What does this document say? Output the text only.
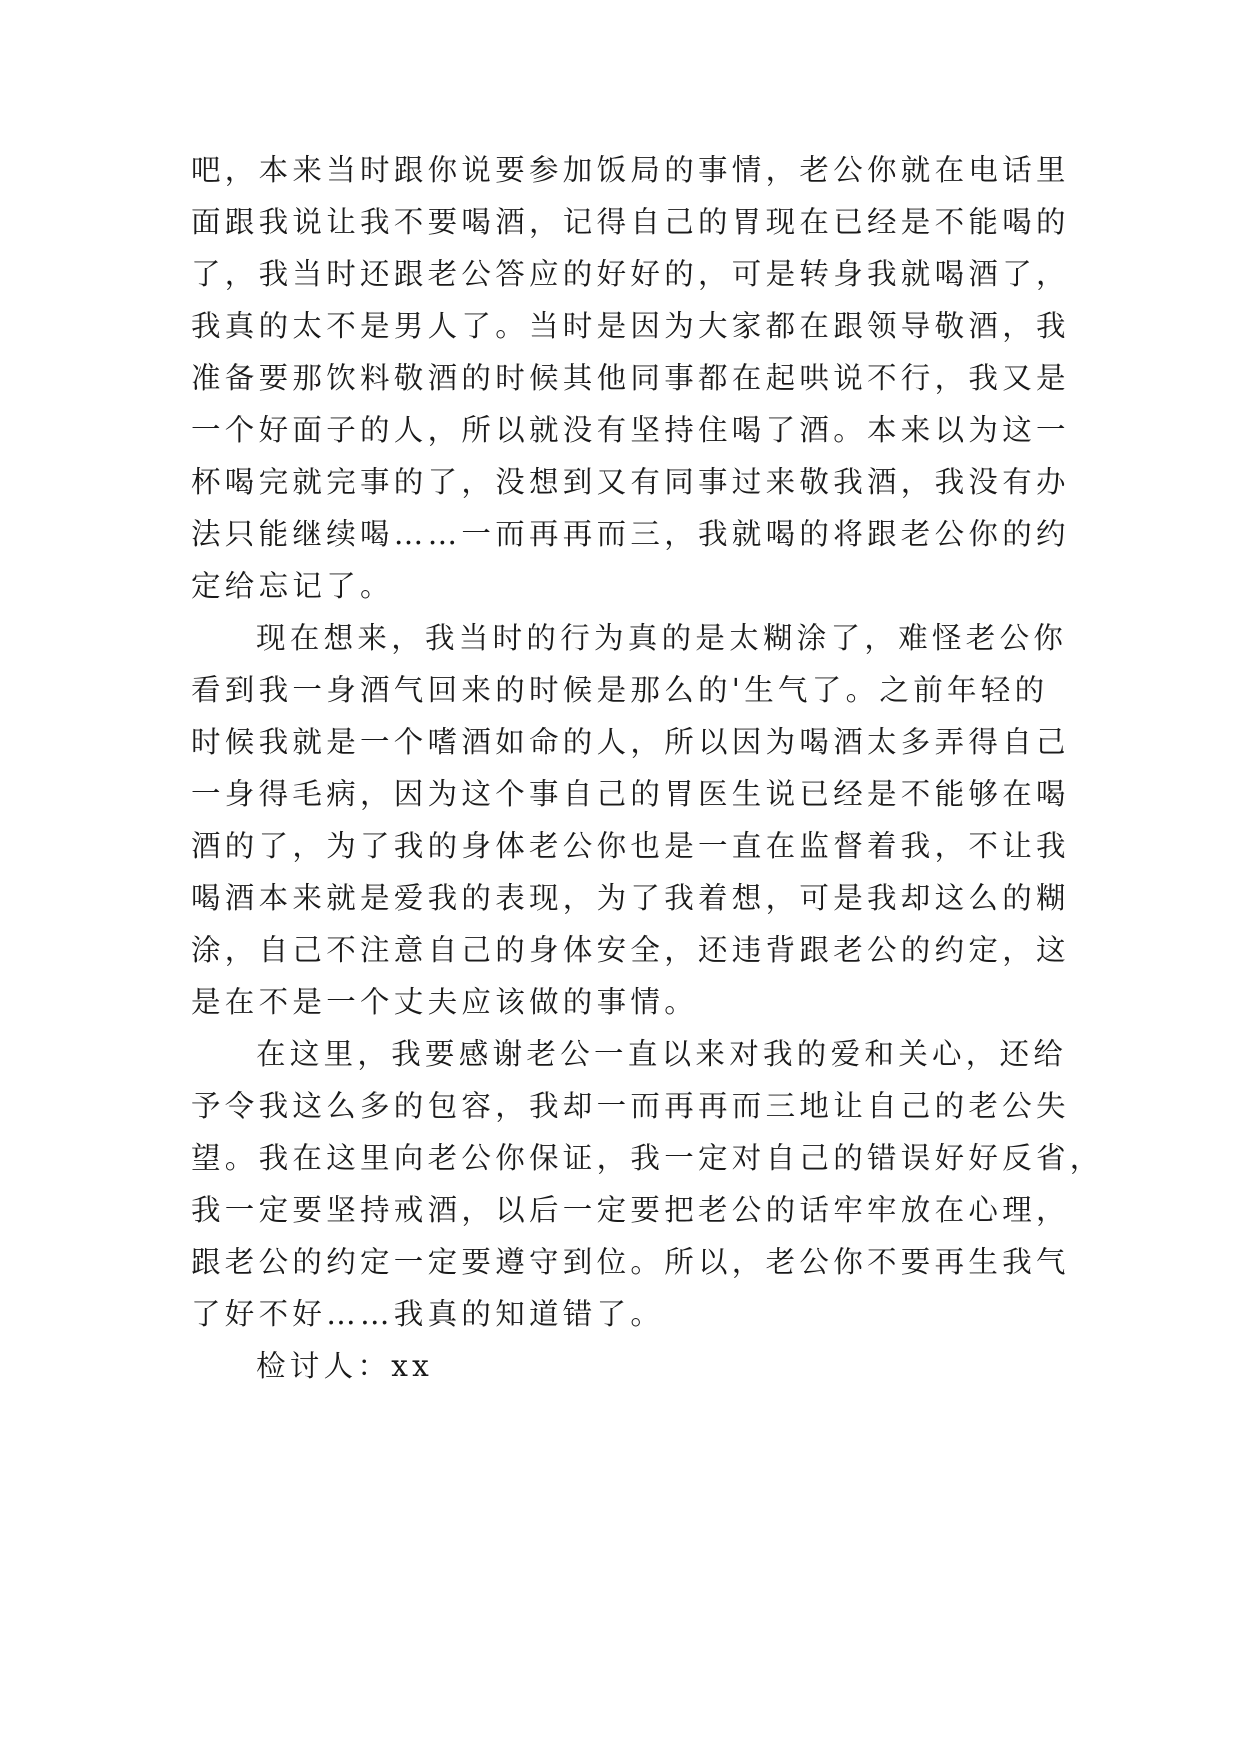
吧，本来当时跟你说要参加饭局的事情，老公你就在电话里
面跟我说让我不要喝酒，记得自己的胃现在已经是不能喝的
了，我当时还跟老公答应的好好的，可是转身我就喝酒了，
我真的太不是男人了。当时是因为大家都在跟领导敬酒，我
准备要那饮料敬酒的时候其他同事都在起哄说不行，我又是
一个好面子的人，所以就没有坚持住喝了酒。本来以为这一
杯喝完就完事的了，没想到又有同事过来敬我酒，我没有办
法只能继续喝……一而再再而三，我就喝的将跟老公你的约
定给忘记了。
现在想来，我当时的行为真的是太糊涂了，难怪老公你
看到我一身酒气回来的时候是那么的'生气了。之前年轻的
时候我就是一个嗜酒如命的人，所以因为喝酒太多弄得自己
一身得毛病，因为这个事自己的胃医生说已经是不能够在喝
酒的了，为了我的身体老公你也是一直在监督着我，不让我
喝酒本来就是爱我的表现，为了我着想，可是我却这么的糊
涂，自己不注意自己的身体安全，还违背跟老公的约定，这
是在不是一个丈夫应该做的事情。
在这里，我要感谢老公一直以来对我的爱和关心，还给
予令我这么多的包容，我却一而再再而三地让自己的老公失
望。我在这里向老公你保证，我一定对自己的错误好好反省，
我一定要坚持戒酒，以后一定要把老公的话牢牢放在心理，
跟老公的约定一定要遵守到位。所以，老公你不要再生我气
了好不好……我真的知道错了。
检讨人：xx
